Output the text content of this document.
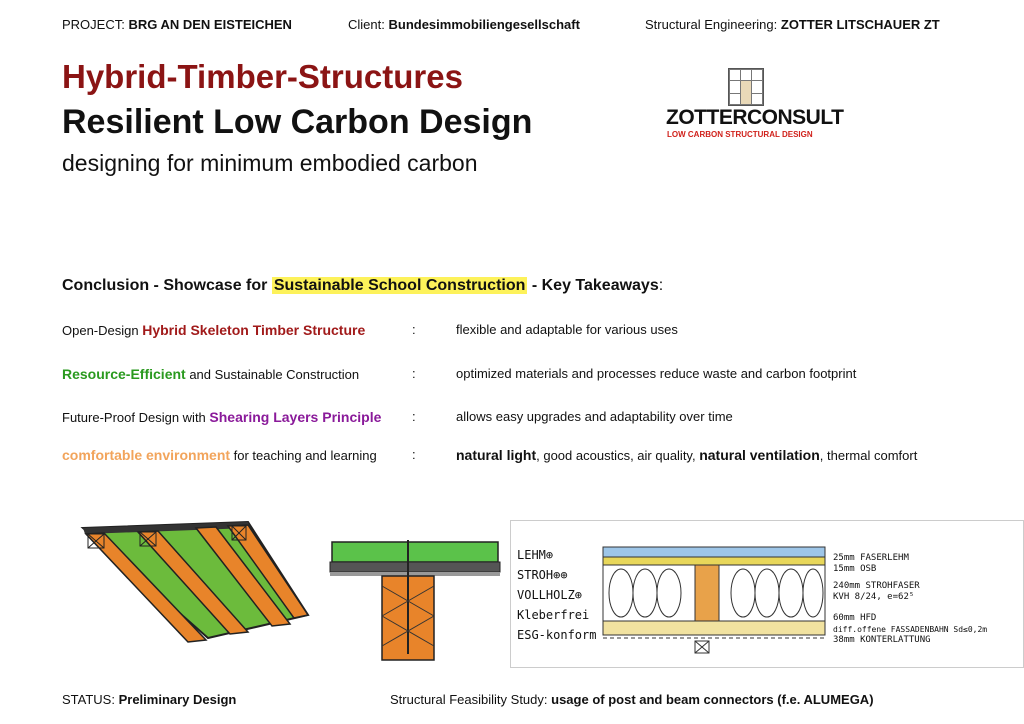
PROJECT: BRG AN DEN EISTEICHEN	Client: Bundesimmobiliengesellschaft	Structural Engineering: ZOTTER LITSCHAUER ZT
Hybrid-Timber-Structures
Resilient Low Carbon Design
designing for minimum embodied carbon
ZOTTERCONSULT
LOW CARBON STRUCTURAL DESIGN
Conclusion - Showcase for Sustainable School Construction - Key Takeaways:
Open-Design Hybrid Skeleton Timber Structure	:	flexible and adaptable for various uses
Resource-Efficient and Sustainable Construction	:	optimized materials and processes reduce waste and carbon footprint
Future-Proof Design with Shearing Layers Principle :	allows easy upgrades and adaptability over time
comfortable environment for teaching and learning	:	natural light, good acoustics, air quality, natural ventilation, thermal comfort
LEHM⊕
STROH⊕⊕
VOLLHOLZ⊕
Kleberfrei
ESG-konform
25mm FASERLEHM
15mm OSB
240mm STROHFASER
KVH 8/24, e=62⁵
60mm HFD
diff.offene FASSADENBAHN Sd≤0,2m
38mm KONTERLATTUNG
STATUS: Preliminary Design	Structural Feasibility Study: usage of post and beam connectors (f.e. ALUMEGA)
